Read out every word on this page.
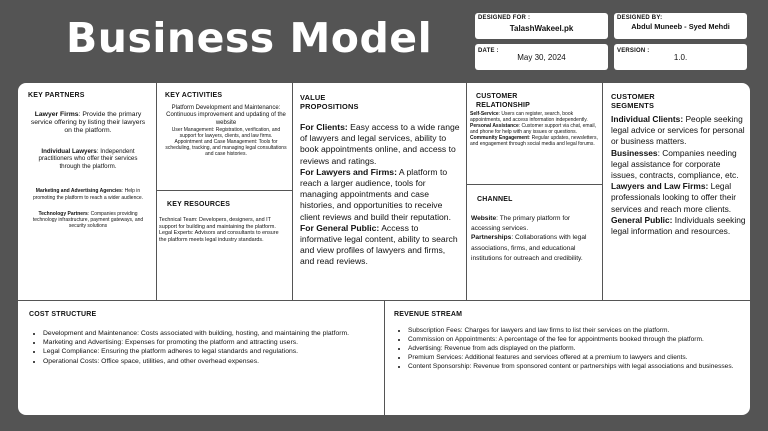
Business Model	DESIGNED FOR :
TalashWakeel.pk
DESIGNED BY:
Abdul Muneeb - Syed Mehdi
DATE :
May 30, 2024
VERSION :
1.0.
KEY PARTNERS

Lawyer Firms: Provide the primary service offering by listing their lawyers on the platform.

Individual Lawyers: Independent practitioners who offer their services through the platform.

Marketing and Advertising Agencies: Help in promoting the platform to reach a wider audience.

Technology Partners: Companies providing technology infrastructure, payment gateways, and security solutions

KEY ACTIVITIES

Platform Development and Maintenance: Continuous improvement and updating of the website

User Management: Registration, verification, and support for lawyers, clients, and law firms.

Appointment and Case Management: Tools for scheduling, tracking, and managing legal consultations and case histories.

KEY RESOURCES

Technical Team: Developers, designers, and IT support for building and maintaining the platform.

Legal Experts: Advisors and consultants to ensure the platform meets legal industry standards.

VALUE
PROPOSITIONS

For Clients: Easy access to a wide range of lawyers and legal services, ability to book appointments online, and access to reviews and ratings.

For Lawyers and Firms: A platform to reach a larger audience, tools for managing appointments and case histories, and opportunities to receive client reviews and build their reputation.

For General Public: Access to informative legal content, ability to search and view profiles of lawyers and firms, and read reviews.

CUSTOMER
RELATIONSHIP

Self-Service: Users can register, search, book appointments, and access information independently.

Personal Assistance: Customer support via chat, email, and phone for help with any issues or questions.

Community Engagement: Regular updates, newsletters, and engagement through social media and legal forums.

CHANNEL

Website: The primary platform for accessing services.

Partnerships: Collaborations with legal associations, firms, and educational institutions for outreach and credibility.

CUSTOMER
SEGMENTS

Individual Clients: People seeking legal advice or services for personal or business matters.

Businesses: Companies needing legal assistance for corporate issues, contracts, compliance, etc.

Lawyers and Law Firms: Legal professionals looking to offer their services and reach more clients.

General Public: Individuals seeking legal information and resources.

COST STRUCTURE
• Development and Maintenance: Costs associated with building, hosting, and maintaining the platform.
• Marketing and Advertising: Expenses for promoting the platform and attracting users.
• Legal Compliance: Ensuring the platform adheres to legal standards and regulations.
• Operational Costs: Office space, utilities, and other overhead expenses.
REVENUE STREAM
• Subscription Fees: Charges for lawyers and law firms to list their services on the platform.
• Commission on Appointments: A percentage of the fee for appointments booked through the platform.
• Advertising: Revenue from ads displayed on the platform.
• Premium Services: Additional features and services offered at a premium to lawyers and clients.
• Content Sponsorship: Revenue from sponsored content or partnerships with legal associations and businesses.
